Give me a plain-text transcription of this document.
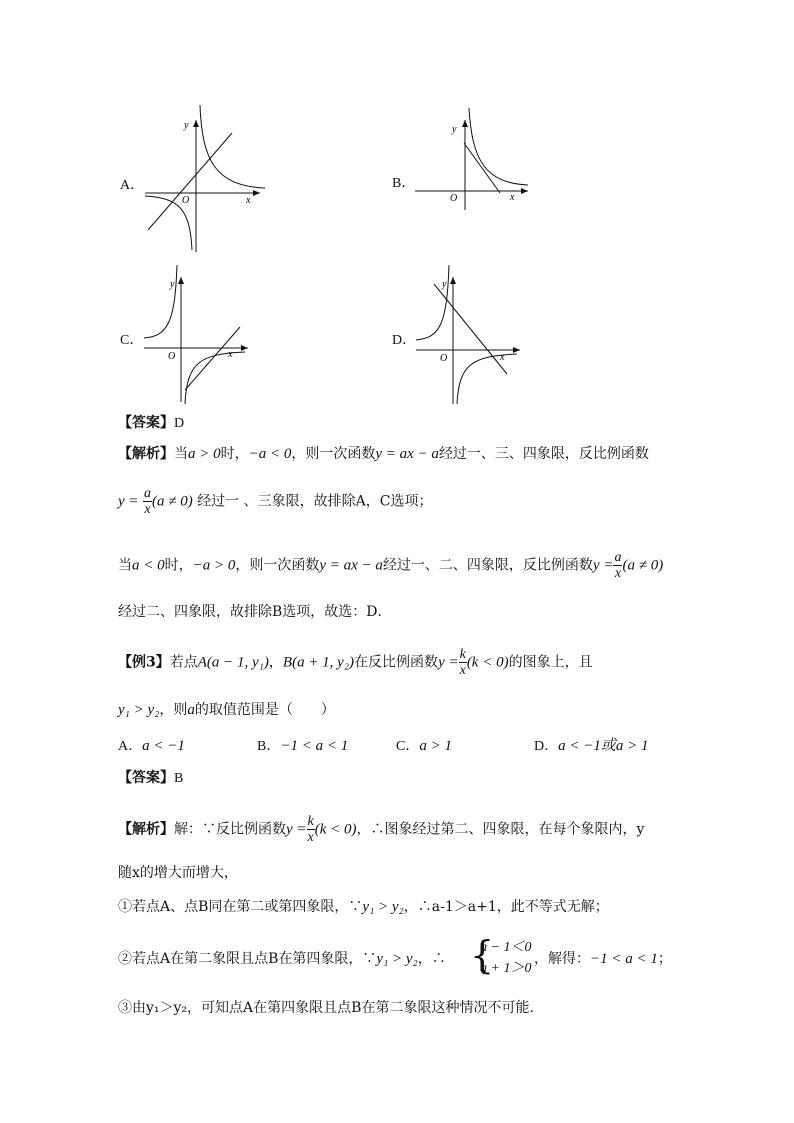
A．
y
x
O
B．
y
x
O
C．
y
x
O
D．
y
x
O
【答案】D
【解析】当a > 0时，−a < 0，则一次函数y = ax − a经过一、三、四象限，反比例函数
$y = \frac{a}{x} (a \ne 0)$ 经过一 、三象限，故排除A，C选项；
当a < 0时，−a > 0，则一次函数y = ax − a经过一、二、四象限，反比例函数$y = \frac{a}{x} (a \ne 0)$
经过二、四象限，故排除B选项，故选：D．
【例3】若点A(a − 1, y₁)，B(a + 1, y₂)在反比例函数$y = \frac{k}{x} (k < 0)$的图象上，且
y₁ > y₂，则a的取值范围是（　　）
A．a < −1	B．−1 < a < 1	C．a > 1	D．a < −1或a > 1
【答案】B
【解析】解：∵反比例函数$y = \frac{k}{x} (k < 0)$，∴图象经过第二、四象限，在每个象限内，y
随x的增大而增大，
①若点A、点B同在第二或第四象限，∵y₁ > y₂，∴a-1＞a+1，此不等式无解；
②若点A在第二象限且点B在第四象限，∵y₁ > y₂，∴ {
a − 1＜0
a + 1＞0
，解得：−1 < a < 1；
③由y₁＞y₂，可知点A在第四象限且点B在第二象限这种情况不可能．
